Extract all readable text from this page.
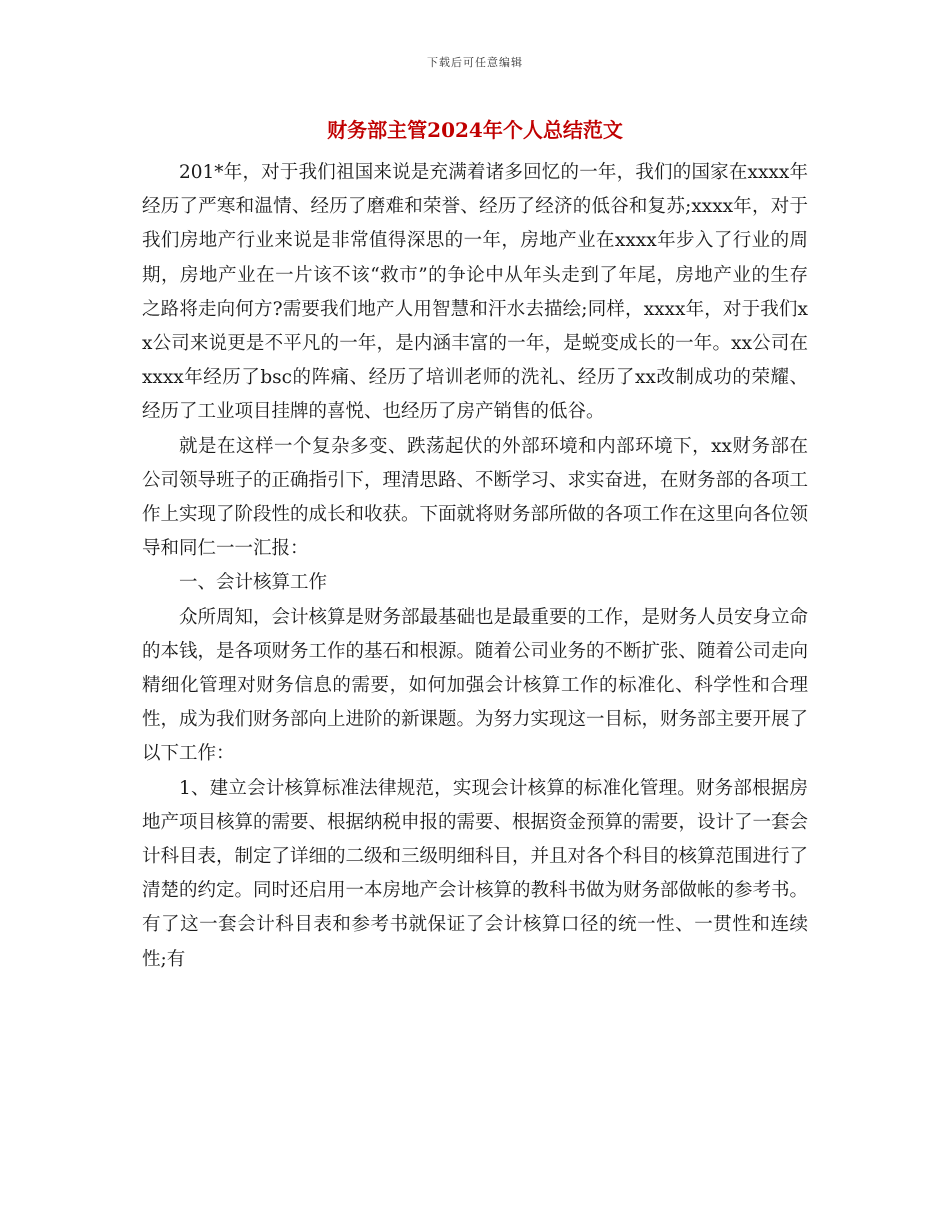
下载后可任意编辑
财务部主管2024年个人总结范文

201*年，对于我们祖国来说是充满着诸多回忆的一年，我们的国家在xxxx年经历了严寒和温情、经历了磨难和荣誉、经历了经济的低谷和复苏;xxxx年，对于我们房地产行业来说是非常值得深思的一年，房地产业在xxxx年步入了行业的周期，房地产业在一片该不该“救市”的争论中从年头走到了年尾，房地产业的生存之路将走向何方?需要我们地产人用智慧和汗水去描绘;同样，xxxx年，对于我们xx公司来说更是不平凡的一年，是内涵丰富的一年，是蜕变成长的一年。xx公司在xxxx年经历了bsc的阵痛、经历了培训老师的洗礼、经历了xx改制成功的荣耀、经历了工业项目挂牌的喜悦、也经历了房产销售的低谷。

就是在这样一个复杂多变、跌荡起伏的外部环境和内部环境下，xx财务部在公司领导班子的正确指引下，理清思路、不断学习、求实奋进，在财务部的各项工作上实现了阶段性的成长和收获。下面就将财务部所做的各项工作在这里向各位领导和同仁一一汇报：

一、会计核算工作

众所周知，会计核算是财务部最基础也是最重要的工作，是财务人员安身立命的本钱，是各项财务工作的基石和根源。随着公司业务的不断扩张、随着公司走向精细化管理对财务信息的需要，如何加强会计核算工作的标准化、科学性和合理性，成为我们财务部向上进阶的新课题。为努力实现这一目标，财务部主要开展了以下工作：

1、建立会计核算标准法律规范，实现会计核算的标准化管理。财务部根据房地产项目核算的需要、根据纳税申报的需要、根据资金预算的需要，设计了一套会计科目表，制定了详细的二级和三级明细科目，并且对各个科目的核算范围进行了清楚的约定。同时还启用一本房地产会计核算的教科书做为财务部做帐的参考书。有了这一套会计科目表和参考书就保证了会计核算口径的统一性、一贯性和连续性;有
